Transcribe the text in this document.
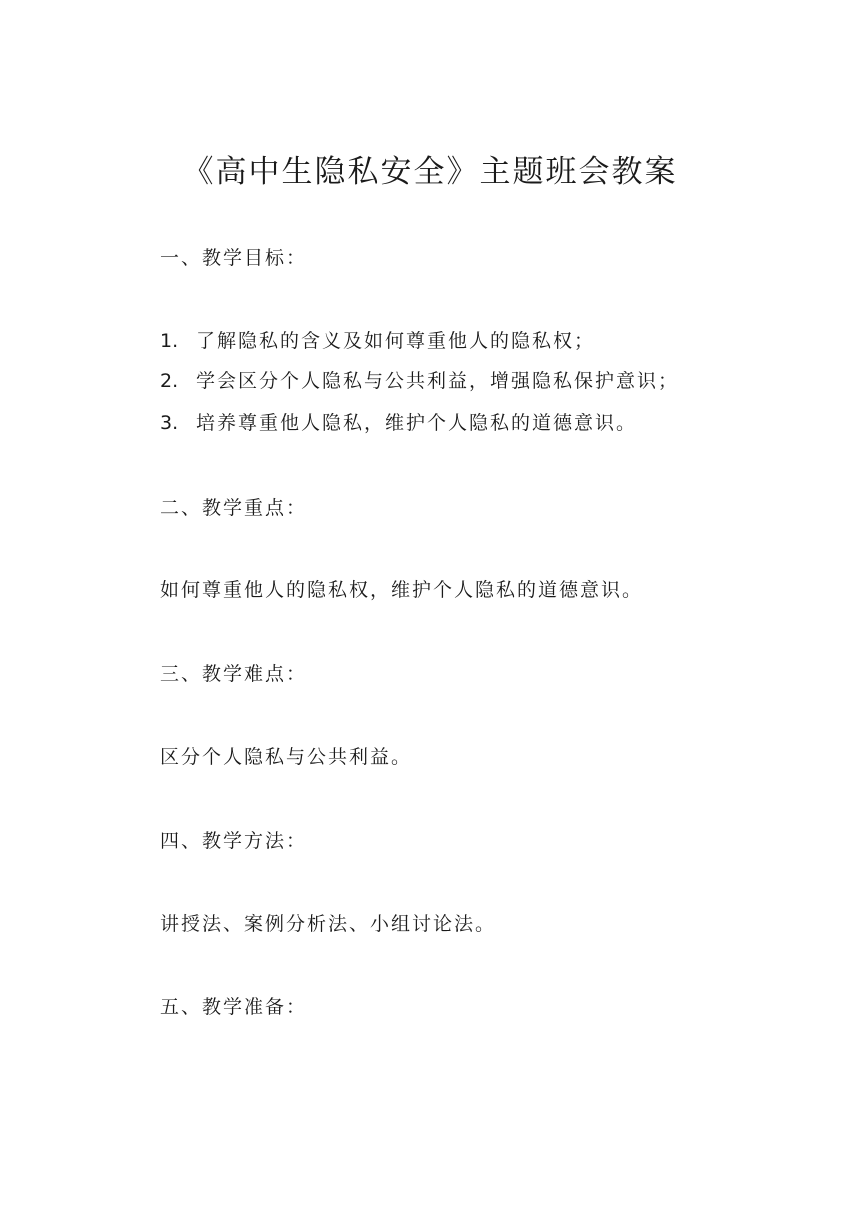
《高中生隐私安全》主题班会教案
一、教学目标：
1. 了解隐私的含义及如何尊重他人的隐私权；
2. 学会区分个人隐私与公共利益，增强隐私保护意识；
3. 培养尊重他人隐私，维护个人隐私的道德意识。
二、教学重点：
如何尊重他人的隐私权，维护个人隐私的道德意识。
三、教学难点：
区分个人隐私与公共利益。
四、教学方法：
讲授法、案例分析法、小组讨论法。
五、教学准备：
